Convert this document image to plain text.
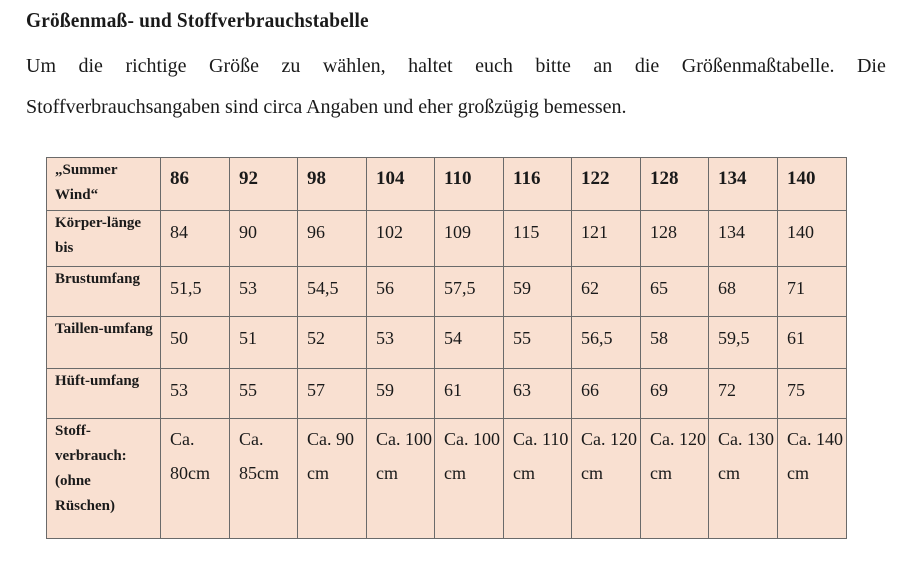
Größenmaß- und Stoffverbrauchstabelle
Um die richtige Größe zu wählen, haltet euch bitte an die Größenmaßtabelle. Die
Stoffverbrauchsangaben sind circa Angaben und eher großzügig bemessen.
„Summer Wind“	86	92	98	104	110	116	122	128	134	140
Körper-länge bis	84	90	96	102	109	115	121	128	134	140
Brustumfang	51,5	53	54,5	56	57,5	59	62	65	68	71
Taillen-umfang	50	51	52	53	54	55	56,5	58	59,5	61
Hüft-umfang	53	55	57	59	61	63	66	69	72	75

Stoff-verbrauch: (ohne Rüschen)	Ca. 80cm	Ca. 85cm	Ca. 90 cm	Ca. 100 cm	Ca. 100 cm	Ca. 110 cm	Ca. 120 cm	Ca. 120 cm	Ca. 130 cm	Ca. 140 cm
